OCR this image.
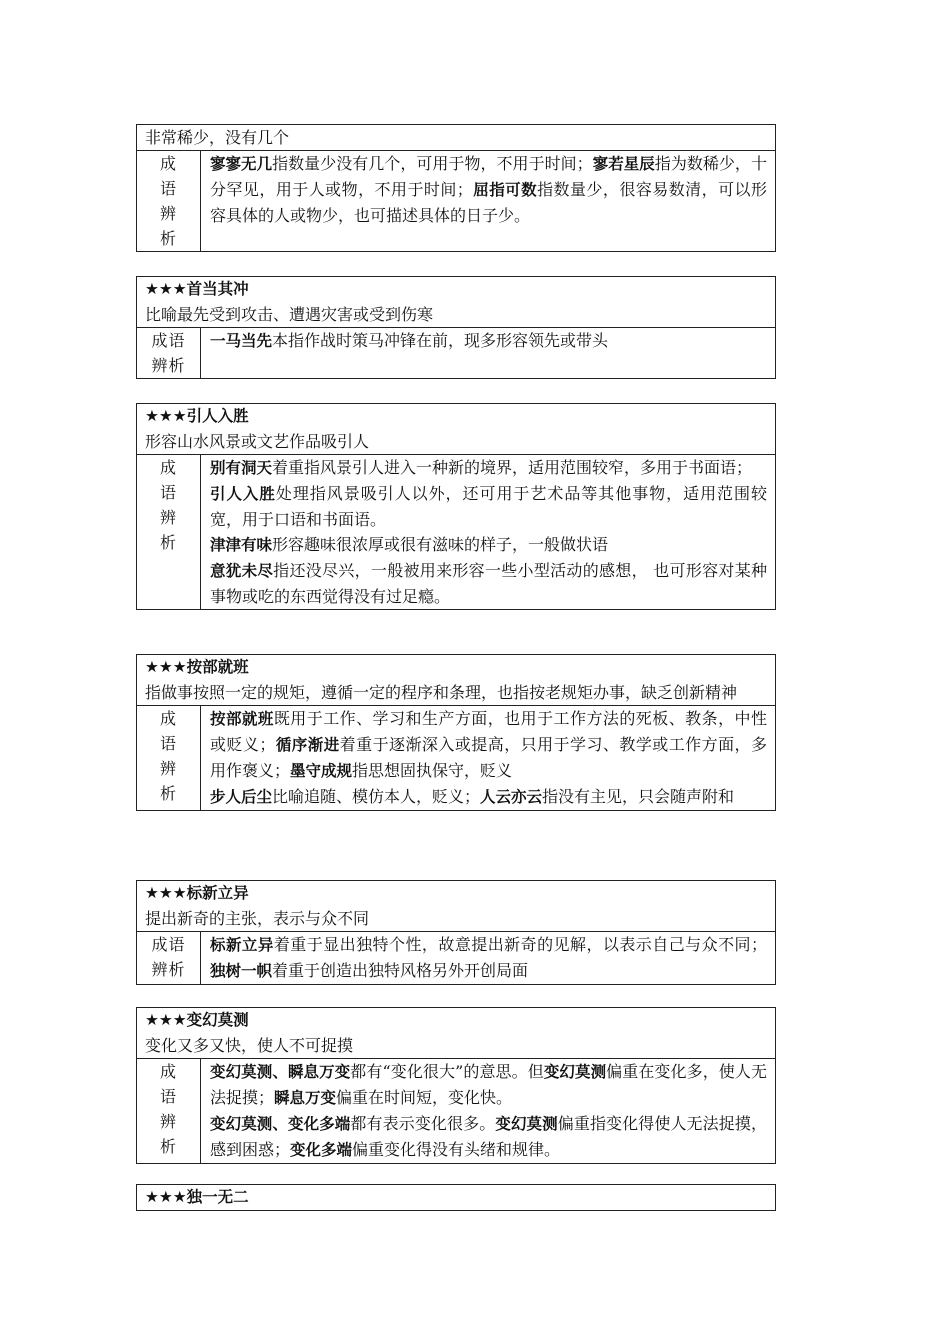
非常稀少，没有几个
成
语
辨
析

寥寥无几指数量少没有几个，可用于物，不用于时间；寥若星辰指为数稀少，十分罕见，用于人或物，不用于时间；屈指可数指数量少，很容易数清，可以形容具体的人或物少，也可描述具体的日子少。

★★★首当其冲
比喻最先受到攻击、遭遇灾害或受到伤寒
成语
辨析

一马当先本指作战时策马冲锋在前，现多形容领先或带头

★★★引人入胜
形容山水风景或文艺作品吸引人
成
语
辨
析

别有洞天着重指风景引人进入一种新的境界，适用范围较窄，多用于书面语；

引人入胜处理指风景吸引人以外，还可用于艺术品等其他事物，适用范围较宽，用于口语和书面语。

津津有味形容趣味很浓厚或很有滋味的样子，一般做状语

意犹未尽指还没尽兴，一般被用来形容一些小型活动的感想， 也可形容对某种事物或吃的东西觉得没有过足瘾。

★★★按部就班
指做事按照一定的规矩，遵循一定的程序和条理，也指按老规矩办事，缺乏创新精神
成
语
辨
析

按部就班既用于工作、学习和生产方面，也用于工作方法的死板、教条，中性或贬义；循序渐进着重于逐渐深入或提高，只用于学习、教学或工作方面，多用作褒义；墨守成规指思想固执保守，贬义

步人后尘比喻追随、模仿本人，贬义；人云亦云指没有主见，只会随声附和

★★★标新立异
提出新奇的主张，表示与众不同
成语
辨析

标新立异着重于显出独特个性，故意提出新奇的见解，以表示自己与众不同；独树一帜着重于创造出独特风格另外开创局面

★★★变幻莫测
变化又多又快，使人不可捉摸
成
语
辨
析

变幻莫测、瞬息万变都有“变化很大”的意思。但变幻莫测偏重在变化多，使人无法捉摸；瞬息万变偏重在时间短，变化快。

变幻莫测、变化多端都有表示变化很多。变幻莫测偏重指变化得使人无法捉摸，感到困惑；变化多端偏重变化得没有头绪和规律。

★★★独一无二
